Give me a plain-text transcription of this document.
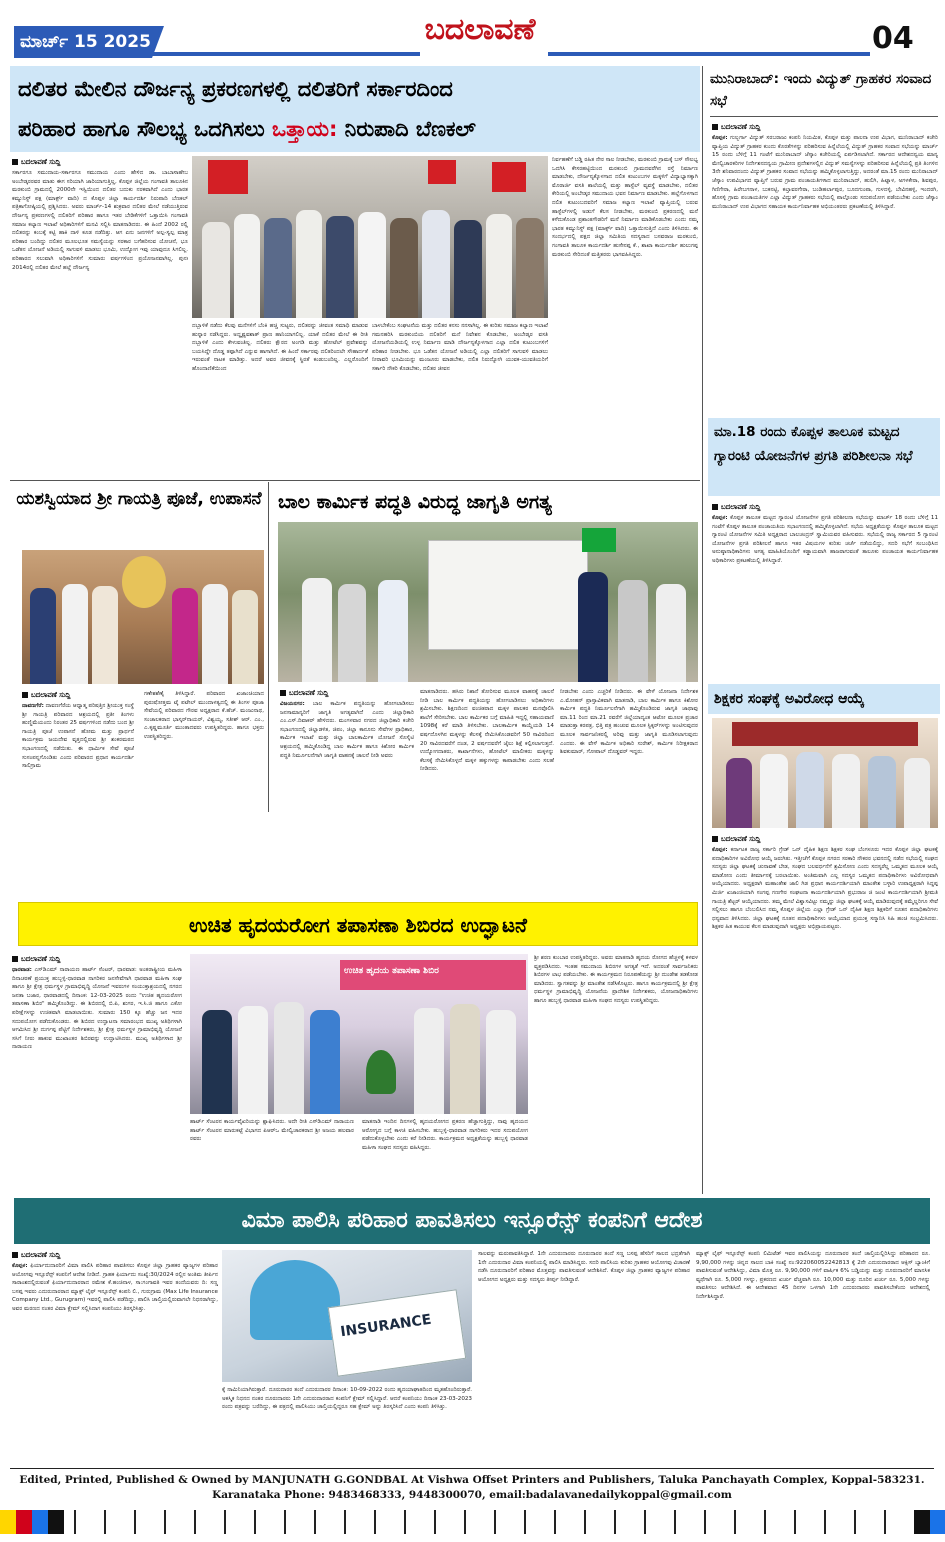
ಮಾರ್ಚ್ 15 2025	ಬದಲಾವಣೆ	04
ದಲಿತರ ಮೇಲಿನ ದೌರ್ಜನ್ಯ ಪ್ರಕರಣಗಳಲ್ಲಿ ದಲಿತರಿಗೆ ಸರ್ಕಾರದಿಂದ
ಪರಿಹಾರ ಹಾಗೂ ಸೌಲಭ್ಯ ಒದಗಿಸಲು ಒತ್ತಾಯ: ನಿರುಪಾದಿ ಬೆಣಕಲ್
ಬದಲಾವಣೆ ಸುದ್ದಿ
ಸರ್ಕಾರಗೂ ಸಮುದಾಯ-ಸರ್ಕಾರಗೂ ಸಮುದಾಯ ಎಂದು ಹೇಳಿದ ಡಾ. ಬಾಬಾಸಾಹೇಬ ಅಂಬೇಡ್ಕರರವರ ಮಾತು ಈಗ ಸರಿಯಾಗಿ ಜಾರಿಯಾಗುತ್ತಿಲ್ಲ, ಕೊಪ್ಪಳ ಜಿಲ್ಲೆಯ ಗಂಗಾವತಿ ತಾಲೂಕಿನ ಮರಕುಂಬಿ ಗ್ರಾಮದಲ್ಲಿ 2000ನೇ ಇಸ್ವಿಯಿಂದ ದಲಿತರ ಬದುಕು ನರಕವಾಗಿದೆ ಎಂದು ಭಾರತ ಕಮ್ಯುನಿಸ್ಟ್ ಪಕ್ಷ (ಮಾರ್ಕ್ಸ್ ವಾದಿ) ದ ಕೊಪ್ಪಳ ಜಿಲ್ಲಾ ಕಾರ್ಯದರ್ಶಿ ನಿರುಪಾದಿ ಬೆಣಕಲ್ ಪತ್ರಿಕಾಗೋಷ್ಠಿಯಲ್ಲಿ ಪ್ರಶ್ನಿಸಿದರು. ಅವರು ಮಾರ್ಚ್-14 ಶುಕ್ರವಾರ ದಲಿತರ ಮೇಲೆ ನಡೆಯುತ್ತಿರುವ ದೌರ್ಜನ್ಯ ಪ್ರಕರಣಗಳಲ್ಲಿ ದಲಿತರಿಗೆ ಪರಿಹಾರ ಹಾಗೂ ಇತರ ಬೇಡಿಕೆಗಳಿಗೆ ಒತ್ತಾಯಿಸಿ ಗಂಗಾವತಿ ಸಮಾಜ ಕಲ್ಯಾಣ ಇಲಾಖೆ ಅಧಿಕಾರಿಗಳಿಗೆ ಮನವಿ ಸಲ್ಲಿಸಿ ಮಾತನಾಡಿದರು. ಈ ಹಿಂದೆ 2002 ರಲ್ಲಿ ದಲಿತರನ್ನು ಕಂಬಕ್ಕೆ ಕಟ್ಟಿ ಹಾಕಿ ದಾಳಿ ಕೂಡ ನಡೆದಿತ್ತು. ಆಗ ಏನು ಜನಗಳಿಗೆ ಅಲ್ಪ-ಸ್ವಲ್ಪ ಮಾತ್ರ ಪರಿಹಾರ ಬಂದಿದ್ದು ದಲಿತರ ಮೂಲಭೂತ ಸಮಸ್ಯೆಯನ್ನು ಸರಕಾರ ಬಗೆಹರಿಸುವ ಯೋಚನೆ, ಭೂ ಒಡೆತನ ಯೋಜನೆ ಅಡಿಯಲ್ಲಿ ಸಾಗುವಳಿ ಮಾಡಲು ಭೂಮಿ, ಉದ್ಯೋಗ ಇವು ಯಾವುದೂ ಸಿಗಲಿಲ್ಲ. ಪರಿಹಾರದ ಸಲುವಾಗಿ ಅಧಿಕಾರಿಗಳಿಗೆ ಸುಮಾರು ವರ್ಷಗಳಿಂದ ಪ್ರಯೋಜನವಾಗಿಲ್ಲ. ಪುನಃ 2014ರಲ್ಲಿ ದಲಿತರ ಮೇಲೆ ಹಲ್ಲೆ ದೌರ್ಜನ್ಯ
ದಬ್ಬಾಳಿಕೆ ನಡೆದು ಕೆಲವು ಮನೆಗಳಿಗೆ ಬೆಂಕಿ ಹಚ್ಚಿ ಸುಟ್ಟರು, ದಲಿತರನ್ನು ಜೀವಂತ ಸಮಾಧಿ ಮಾಡುವ ಹುನ್ನಾರ ನಡೆಸಿದ್ದರು. ಅದ್ದೃಷ್ಟವಶಾತ್ ಪ್ರಾಣ ಹಾನಿಯಾಗಲಿಲ್ಲ. ಯಾಕೆ ದಲಿತರ ಮೇಲೆ ಈ ರೀತಿ ದಬ್ಬಾಳಿಕೆ ಎಂದು ಕೇಳುವಂತಿಲ್ಲ. ದಲಿತರು ಕ್ಷೌರದ ಅಂಗಡಿ ಮತ್ತು ಹೋಟೆಲ್ ಪ್ರವೇಶವನ್ನು ಬಯಸಿದ್ದೇ ದೊಡ್ಡ ತಪ್ಪಾಗಿದೆ ಎನ್ನುವ ಹಾಗಾಗಿದೆ. ಈ ಹಿಂದೆ ಸರ್ಕಾರವು ದಲಿತರಿಂದಲೇ ಸೌಹಾರ್ದತೆ ಇರುವಂತೆ ನಾಟಕ ಮಾಡಿತ್ತು. ಅದರೆ ಅವರ ಜೀವನಕ್ಕೆ ಸ್ಥಿರತೆ ಕಂಡುಬಂದಿಲ್ಲ. ಎಲ್ಲರೊಂದಿಗೆ ಹೊಂದಾಣಿಕೆಯಿಂದ
ಬಾಳಬೇಕೆಂಬ ಸಂಘಟನೆಯ ಮತ್ತು ದಲಿತರ ಕನಸು ನನಸಾಗಿಲ್ಲ. ಈ ಕುರಿತು ಸಮಾಜ ಕಲ್ಯಾಣ ಇಲಾಖೆ ಗಮನಹರಿಸಿ ಮರಕುಂಬಿಯ ದಲಿತರಿಗೆ ಮನೆ ನಿವೇಶನ ಕೊಡಬೇಕು, ಅಂಬೇಡ್ಕರ ವಸತಿ ಯೋಜನೆಯಡಿಯಲ್ಲಿ ಉಳ್ಳ ನಿರ್ಮಾಣ ಮಾಡಿ ದೌರ್ಜನ್ಯಕ್ಕೊಳಗಾದ ಎಲ್ಲಾ ದಲಿತ ಕುಟುಂಬಗಳಿಗೆ ಪರಿಹಾರ ನೀಡಬೇಕು. ಭೂ ಒಡೆತನ ಯೋಜನೆ ಅಡಿಯಲ್ಲಿ ಎಲ್ಲಾ ದಲಿತರಿಗೆ ಸಾಗುವಳಿ ಮಾಡಲು ನೀರಾವರಿ ಭೂಮಿಯನ್ನು ಮಂಜೂರು ಮಾಡಬೇಕು, ದಲಿತ ನಿರುದ್ಯೋಗಿ ಯುವಕ-ಯುವತಿಯರಿಗೆ ಸರ್ಕಾರಿ ನೌಕರಿ ಕೊಡಬೇಕು, ದಲಿತರ ಜೀವನ
ನಿರ್ವಹಣೆಗೆ ಬಡ್ಡಿ ರಹಿತ ನೇರ ಸಾಲ ನೀಡಬೇಕು, ಮರಕುಂಬಿ ಗ್ರಾಮಕ್ಕೆ ಬಸ್ ಸೌಲಭ್ಯ ಒದಗಿಸಿ ಕೇಸರಹಟ್ಟಿಯಿಂದ ಮರಕುಂಬಿ ಗ್ರಾಮದವರೆಗಿನ ರಸ್ತೆ ನಿರ್ಮಾಣ ಮಾಡಬೇಕು, ದೌರ್ಜನ್ಯಕ್ಕೊಳಗಾದ ದಲಿತ ಕುಟುಂಬಗಳ ಮಕ್ಕಳಿಗೆ ವಿದ್ಯಾಭ್ಯಾಸಕ್ಕಾಗಿ ಮೊರಾರ್ಜಿ ವಸತಿ ಶಾಲೆಯಲ್ಲಿ ಮತ್ತು ಹಾಸ್ಟೆಲ್ ವ್ಯವಸ್ಥೆ ಮಾಡಬೇಕು, ದಲಿತರ ಕೇರಿಯಲ್ಲಿ ಅಂಬೇಡ್ಕರ ಸಮುದಾಯ ಭವನ ನಿರ್ಮಾಣ ಮಾಡಬೇಕು. ಹಲ್ಲೆಗೊಳಗಾದ ದಲಿತ ಕುಟುಂಬದವರಿಗೆ ಸಮಾಜ ಕಲ್ಯಾಣ ಇಲಾಖೆ ವ್ಯಾಪ್ತಿಯಲ್ಲಿ ಬರುವ ಹಾಸ್ಟೆಲ್‌ಗಳಲ್ಲಿ ಅಡುಗೆ ಕೆಲಸ ನೀಡಬೇಕು, ಮರಕುಂಬಿ ಪ್ರಕರಣದಲ್ಲಿ ಮನೆ ಕಳೆದುಕೊಂಡ ಪ್ರಶಾಂತಗೌಡರಿಗೆ ಮನೆ ನಿರ್ಮಾಣ ಮಾಡಿಕೊಡಬೇಕು ಎಂದು ನಮ್ಮ ಭಾರತ ಕಮ್ಯುನಿಸ್ಟ್ ಪಕ್ಷ (ಮಾರ್ಕ್ಸ್ ವಾದಿ) ಒತ್ತಾಯಿಸುತ್ತಿದೆ ಎಂದು ತಿಳಿಸಿದರು. ಈ ಸಂದರ್ಭದಲ್ಲಿ ಪಕ್ಷದ ಜಿಲ್ಲಾ ಸಮಿತಿಯ ಸದಸ್ಯರಾದ ಬಸವರಾಜ ಮರಕುಂಬಿ, ಗಂಗಾವತಿ ತಾಲೂಕ ಕಾರ್ಯದರ್ಶಿ ಹುಸೇನಪ್ಪ ಕೆ., ಶಾಖಾ ಕಾರ್ಯದರ್ಶಿ ಹುಲುಗಪ್ಪ ಮರಕುಂಬಿ ಸೇರಿದಂತೆ ಮತ್ತಿತರರು ಭಾಗವಹಿಸಿದ್ದರು.
ಮುನಿರಾಬಾದ್: ಇಂದು ವಿದ್ಯುತ್ ಗ್ರಾಹಕರ ಸಂವಾದ ಸಭೆ
ಬದಲಾವಣೆ ಸುದ್ದಿ
ಕೊಪ್ಪಳ: ಗುಲ್ಬರ್ಗಾ ವಿದ್ಯುತ್ ಸರಬರಾಜು ಕಂಪನಿ ನಿಯಮಿತ, ಕೊಪ್ಪಳ ಮತ್ತು ಪಾಲನಾ ಉಪ ವಿಭಾಗ, ಮುನಿರಾಬಾದ್ ಕಚೇರಿ ವ್ಯಾಪ್ತಿಯ ವಿದ್ಯುತ್ ಗ್ರಾಹಕರ ಕುಂದು ಕೊರತೆಗಳನ್ನು ಪರಿಹರಿಸುವ ಹಿನ್ನೆಲೆಯಲ್ಲಿ ವಿದ್ಯುತ್ ಗ್ರಾಹಕರ ಸಂವಾದ ಸಭೆಯನ್ನು ಮಾರ್ಚ್ 15 ರಂದು ಬೆಳಿಗ್ಗೆ 11 ಗಂಟೆಗೆ ಮುನಿರಾಬಾದ್ ಜೆಸ್ಕಾಂ ಕಚೇರಿಯಲ್ಲಿ ಏರ್ಪಡಿಸಲಾಗಿದೆ. ಸರ್ಕಾರದ ಆದೇಶದನ್ವಯ ಮಾನ್ಯ ಮೇಲ್ವಿಚಾರಕರಿಗಳ ನಿರ್ದೇಶನದನ್ವಯ ಗ್ರಾಮೀಣ ಪ್ರದೇಶಗಳಲ್ಲಿನ ವಿದ್ಯುತ್ ಸಮಸ್ಯೆಗಳನ್ನು ಪರಿಹರಿಸುವ ಹಿನ್ನೆಲೆಯಲ್ಲಿ ಪ್ರತಿ ತಿಂಗಳಿನ 3ನೇ ಶನಿವಾರದಂದು ವಿದ್ಯುತ್ ಗ್ರಾಹಕರ ಸಂವಾದ ಸಭೆಯನ್ನು ಹಮ್ಮಿಕೊಳ್ಳಲಾಗುತ್ತಿದ್ದು, ಅದರಂತೆ ಮಾ.15 ರಂದು ಮುನಿರಾಬಾದ್ ಜೆಸ್ಕಾಂ ಉಪವಿಭಾಗದ ವ್ಯಾಪ್ತಿಗೆ ಬರುವ ಗ್ರಾಮ ಪಂಚಾಯತಿಗಳಾದ ಮುನಿರಾಬಾದ್, ಹುಲಿಗಿ, ಹಿಟ್ನಾಳ, ಅಗಳಕೇರಾ, ಶಿವಪುರ, ಗಿಣಿಗೇರಾ, ಹಿರೇಬಗನಾಳ, ಬುಕನಟ್ಟಿ, ಕಲ್ತಾವರಗೇರಾ, ಬಂಡಿಹರ್ಲಾಪುರ, ಬೂದಗುಂಪಾ, ಗುಳದಳ್ಳಿ, ಬೇವಿನಹಳ್ಳಿ, ಇಂದರಗಿ, ಹೊಸಳ್ಳಿ ಗ್ರಾಮ ಪಂಚಾಯತಿಗಳ ಎಲ್ಲಾ ವಿದ್ಯುತ್ ಗ್ರಾಹಕರು ಸಭೆಯಲ್ಲಿ ಪಾಲ್ಗೊಂಡು ಸದುಪಯೋಗ ಪಡೆಯಬೇಕು ಎಂದು ಜೆಸ್ಕಾಂ ಮುನಿರಾಬಾದ್ ಉಪ ವಿಭಾಗದ ಸಹಾಯಕ ಕಾರ್ಯನಿರ್ವಾಹಕ ಅಭಿಯಂತರರು ಪ್ರಕಟಣೆಯಲ್ಲಿ ತಿಳಿಸಿದ್ದಾರೆ.
ಮಾ.18 ರಂದು ಕೊಪ್ಪಳ ತಾಲೂಕ ಮಟ್ಟದ ಗ್ಯಾರಂಟಿ ಯೋಜನೆಗಳ ಪ್ರಗತಿ ಪರಿಶೀಲನಾ ಸಭೆ
ಬದಲಾವಣೆ ಸುದ್ದಿ
ಕೊಪ್ಪಳ: ಕೊಪ್ಪಳ ತಾಲೂಕ ಮಟ್ಟದ ಗ್ಯಾರಂಟಿ ಯೋಜನೆಗಳ ಪ್ರಗತಿ ಪರಿಶೀಲನಾ ಸಭೆಯನ್ನು ಮಾರ್ಚ್ 18 ರಂದು ಬೆಳಿಗ್ಗೆ 11 ಗಂಟೆಗೆ ಕೊಪ್ಪಳ ತಾಲೂಕ ಪಂಚಾಯತಿಯ ಸಭಾಂಗಣದಲ್ಲಿ ಹಮ್ಮಿಕೊಳ್ಳಲಾಗಿದೆ. ಸಭೆಯ ಅಧ್ಯಕ್ಷತೆಯನ್ನು ಕೊಪ್ಪಳ ತಾಲೂಕ ಮಟ್ಟದ ಗ್ಯಾರಂಟಿ ಯೋಜನೆಗಳ ಸಮಿತಿ ಅಧ್ಯಕ್ಷರಾದ ಬಾಲಚಂದ್ರನ್ ಸ್ವಾಮಿಯವರ ವಹಿಸುವರು. ಸಭೆಯಲ್ಲಿ ರಾಜ್ಯ ಸರ್ಕಾರದ 5 ಗ್ಯಾರಂಟಿ ಯೋಜನೆಗಳ ಪ್ರಗತಿ ಪರಿಶೀಲನೆ ಹಾಗೂ ಇತರ ವಿಷಯಗಳ ಕುರಿತು ಚರ್ಚೆ ನಡೆಯಲಿದ್ದು, ಸದರಿ ಸಭೆಗೆ ಸಂಬಂಧಿಸಿದ ಅನುಷ್ಠಾನಾಧಿಕಾರಿಗಳು ಅಗತ್ಯ ಮಾಹಿತಿಯೊಂದಿಗೆ ಕಡ್ಡಾಯವಾಗಿ ಹಾಜರಾಗುವಂತೆ ತಾಲೂಕು ಪಂಚಾಯತ ಕಾರ್ಯನಿರ್ವಾಹಕ ಅಧಿಕಾರಿಗಳು ಪ್ರಕಟಣೆಯಲ್ಲಿ ತಿಳಿಸಿದ್ದಾರೆ.
ಶಿಕ್ಷಕರ ಸಂಘಕ್ಕೆ ಅವಿರೋಧ ಆಯ್ಕೆ
ಬದಲಾವಣೆ ಸುದ್ದಿ
ಕೊಪ್ಪಳ: ಕರ್ನಾಟಕ ರಾಜ್ಯ ಸರ್ಕಾರಿ ಗ್ರೇಡ್ ಒನ್ ದೈಹಿಕ ಶಿಕ್ಷಣ ಶಿಕ್ಷಕರ ಸಂಘ ಬೆಂಗಳೂರು ಇದರ ಕೊಪ್ಪಳ ಜಿಲ್ಲಾ ಘಟಕಕ್ಕೆ ಪದಾಧಿಕಾರಿಗಳ ಅವಿರೋಧ ಆಯ್ಕೆ ಜರುಗಿತು. ಇತ್ತೀಚೆಗೆ ಕೊಪ್ಪಳ ನಗರದ ಸರಕಾರಿ ನೌಕರರ ಭವನದಲ್ಲಿ ನಡೆದ ಸಭೆಯಲ್ಲಿ ಸಂಘದ ಸದಸ್ಯರು ಜಿಲ್ಲಾ ಘಟಕಕ್ಕೆ ಚುನಾವಣೆ ಬೇಡ, ಸಂಘದ ಬಲವರ್ಧನೆಗೆ ಶ್ರಮಿಸೋಣ ಎಂದು ಸದಸ್ಯರೆಲ್ಲ ಒಮ್ಮತದ ಮೂಲಕ ಆಯ್ಕೆ ಮಾಡೋಣ ಎಂದು ತೀರ್ಮಾನಕ್ಕೆ ಬರಲಾಯಿತು. ಅಂತಿಮವಾಗಿ ಎಲ್ಲ ಸದಸ್ಯರ ಒಮ್ಮತದ ಪದಾಧಿಕಾರಿಗಳು ಅವಿರೋಧವಾಗಿ ಆಯ್ಕೆಯಾದರು. ಅಧ್ಯಕ್ಷರಾಗಿ ಮಹಾಂತೇಶ ಜಾಲಿ ಗಿಡ ಪ್ರಧಾನ ಕಾರ್ಯದರ್ಶಿಯಾಗಿ ಮಾಂತೇಶ ಬಳ್ಳಾರಿ ಉಪಾಧ್ಯಕ್ಷರಾಗಿ ಸಿದ್ದಪ್ಪ ಮಿರ್ಜಿ ಖಜಾಂಚಿಯಾಗಿ ಸಂಗಪ್ಪ ಗಣಗೇರ ಸಂಘಟನಾ ಕಾರ್ಯದರ್ಶಿಯಾಗಿ ಪ್ರಭುರಾಜ ಜಿ ಜಂಟಿ ಕಾರ್ಯದರ್ಶಿಯಾಗಿ ಶ್ರೀಮತಿ ಗಾಯತ್ರಿ ಶೆಟ್ಟರ್ ಆಯ್ಕೆಯಾದರು. ತಮ್ಮ ಮೇಲೆ ವಿಶ್ವಾಸವಿಟ್ಟು ನಮ್ಮನ್ನು ಜಿಲ್ಲಾ ಘಟಕಕ್ಕೆ ಆಯ್ಕೆ ಮಾಡಿರುವುದಕ್ಕೆ ತಮ್ಮೆಲ್ಲರಿಗೂ ಸೇವೆ ಸಲ್ಲಿಸಲು ಹಾಗೂ ಬೆಂಬಲಿಸಿದ ನಮ್ಮ ಕೊಪ್ಪಳ ಜಿಲ್ಲೆಯ ಎಲ್ಲಾ ಗ್ರೇಡ್ ಒನ್ ದೈಹಿಕ ಶಿಕ್ಷಣ ಶಿಕ್ಷಕರಿಗೆ ನೂತನ ಪದಾಧಿಕಾರಿಗಳು ಧನ್ಯವಾದ ತಿಳಿಸಿದರು. ಜಿಲ್ಲಾ ಘಟಕಕ್ಕೆ ನೂತನ ಪದಾಧಿಕಾರಿಗಳು ಆಯ್ಕೆಯಾದ ಪ್ರಯುಕ್ತ ಸನ್ಮಾನಿಸಿ ಸಿಹಿ ಹಂಚಿ ಸಂಭ್ರಮಿಸಿದರು. ಶಿಕ್ಷಕರ ಹಿತ ಕಾಯುವ ಕೆಲಸ ಮಾಡುವುದಾಗಿ ಅಧ್ಯಕ್ಷರು ಅಭಿಪ್ರಾಯಪಟ್ಟರು.
ಯಶಸ್ವಿಯಾದ ಶ್ರೀ ಗಾಯತ್ರಿ ಪೂಜೆ, ಉಪಾಸನೆ
ಬದಲಾವಣೆ ಸುದ್ದಿ
ದಾವಣಗೆರೆ: ದಾವಣಗೆರೆಯ ಆಧ್ಯಾತ್ಮ ಪರಿಷತ್ತಿನ ಶ್ರೀಯುಕ್ತ ಸಂಸ್ಥೆ ಶ್ರೀ ಗಾಯತ್ರಿ ಪರಿವಾರದ ಆಶ್ರಯದಲ್ಲಿ ಪ್ರತೀ ತಿಂಗಳು ಹುಣ್ಣಿಮೆಯಂದು ನಿರಂತರ 25 ವರ್ಷಗಳಿಂದ ನಡೆದು ಬಂದ ಶ್ರೀ ಗಾಯತ್ರಿ ಪೂಜೆ ಉಪಾಸನೆ ಹೋಮ ಮತ್ತು ಪ್ರಾರ್ಥನೆ ಕಾರ್ಯಕ್ರಮ ಜಯದೇವ ವೃತ್ತದಲ್ಲಿರುವ ಶ್ರೀ ಶಂಕರಮಠದ ಸಭಾಂಗಣದಲ್ಲಿ ನಡೆಯಿತು. ಈ ಧಾರ್ಮಿಕ ಸೇವೆ ಪೂಜೆ ಸುಸಂಪನ್ನಗೊಂಡಿತು ಎಂದು ಪರಿವಾರದ ಪ್ರಧಾನ ಕಾರ್ಯದರ್ಶಿ ಸಾಲಿಗ್ರಾಮ
ಗಣೇಶಶೆಣೈ ತಿಳಿಸಿದ್ದಾರೆ. ಪರಿವಾರದ ಖಜಾಂಚಿಯಾದ ಪುರುಷೋತ್ತಮ ಟೈ ಪಟೇಲ್ ಮುಂದಾಳತ್ವದಲ್ಲಿ ಈ ತಿಂಗಳ ಪೂಜಾ ಸೇವೆಯಲ್ಲಿ ಪರಿವಾರದ ಗೌರವ ಅಧ್ಯಕ್ಷರಾದ ಕೆ.ಹೆಚ್. ಮಂಜುನಾಥ, ಸಂಚಾಲಕರಾದ ಭಾಸ್ಕರ್‌ನಾಯರ್, ವಿಶ್ವಯ್ಯ, ಸತೀಶ್ ಆರ್. ಎಂ., ಎ.ಕೃಷ್ಣಮೂರ್ತಿ ಮುಂತಾದವರು ಉಪಸ್ಥಿತರಿದ್ದರು. ಹಾಗೂ ಭಕ್ತರು ಉಪಸ್ಥಿತರಿದ್ದರು.
ಬಾಲ ಕಾರ್ಮಿಕ ಪದ್ಧತಿ ವಿರುದ್ಧ ಜಾಗೃತಿ ಅಗತ್ಯ
ಬದಲಾವಣೆ ಸುದ್ದಿ
ವಿಜಯನಗರ: ಬಾಲ ಕಾರ್ಮಿಕ ಪದ್ಧತಿಯನ್ನು ಹೋಗಲಾಡಿಸಲು ಜನಸಾಮಾನ್ಯರಿಗೆ ಜಾಗೃತಿ ಅಗತ್ಯವಾಗಿದೆ ಎಂದು ಜಿಲ್ಲಾಧಿಕಾರಿ ಎಂ.ಎಸ್.ದಿವಾಕರ್ ಹೇಳಿದರು. ಮಂಗಳವಾರ ನಗರದ ಜಿಲ್ಲಾಧಿಕಾರಿ ಕಚೇರಿ ಸಭಾಂಗಣದಲ್ಲಿ ಜಿಲ್ಲಾಡಳಿತ, ಜಿಪಂ, ಜಿಲ್ಲಾ ಕಾನೂನು ಸೇವೆಗಳ ಪ್ರಾಧಿಕಾರ, ಕಾರ್ಮಿಕ ಇಲಾಖೆ ಮತ್ತು ಜಿಲ್ಲಾ ಬಾಲಕಾರ್ಮಿಕ ಯೋಜನೆ ಸೊಸೈಟಿ ಆಶ್ರಯದಲ್ಲಿ ಹಮ್ಮಿಕೊಂಡಿದ್ದ ಬಾಲ ಕಾರ್ಮಿಕ ಹಾಗೂ ಕಿಶೋರ ಕಾರ್ಮಿಕ ಪದ್ಧತಿ ನಿರ್ಮೂಲನೆಗಾಗಿ ಜಾಗೃತಿ ವಾಹನಕ್ಕೆ ಚಾಲನೆ ನೀಡಿ ಅವರು
ಮಾತನಾಡಿದರು. ಹಸಿರು ನಿಶಾನೆ ತೋರಿಸುವ ಮೂಲಕ ವಾಹನಕ್ಕೆ ಚಾಲನೆ ನೀಡಿ ಬಾಲ ಕಾರ್ಮಿಕ ಪದ್ಧತಿಯನ್ನು ಹೋಗಲಾಡಿಸಲು ಅಧಿಕಾರಿಗಳು ಶ್ರಮಿಸಬೇಕು. ಶಿಕ್ಷಣದಿಂದ ವಂಚಿತರಾದ ಮಕ್ಕಳ ಪಾಲಕರ ಮನವೊಲಿಸಿ ಶಾಲೆಗೆ ಸೇರಿಸಬೇಕು. ಬಾಲ ಕಾರ್ಮಿಕರ ಬಗ್ಗೆ ಮಾಹಿತಿ ಇದ್ದಲ್ಲಿ ಸಹಾಯವಾಣಿ 1098ಕ್ಕೆ ಕರೆ ಮಾಡಿ ತಿಳಿಸಬೇಕು. ಬಾಲಕಾರ್ಮಿಕ ಕಾಯ್ದೆಯಡಿ 14 ವರ್ಷದೊಳಗಿನ ಮಕ್ಕಳನ್ನು ಕೆಲಸಕ್ಕೆ ನೇಮಿಸಿಕೊಂಡವರಿಗೆ 50 ಸಾವಿರದಿಂದ 20 ಸಾವಿರದವರೆಗೆ ದಂಡ, 2 ವರ್ಷದವರೆಗೆ ಜೈಲು ಶಿಕ್ಷೆ ಕಲ್ಪಿಸಲಾಗುತ್ತದೆ. ಉದ್ಯೋಗದಾತರು, ಕಾರ್ಖಾನೆಗಳು, ಹೋಟೆಲ್ ಮಾಲೀಕರು ಮಕ್ಕಳನ್ನು ಕೆಲಸಕ್ಕೆ ನೇಮಿಸಿಕೊಳ್ಳದೆ ಮಕ್ಕಳ ಹಕ್ಕುಗಳನ್ನು ಕಾಪಾಡಬೇಕು ಎಂದು ಸಲಹೆ ನೀಡಿದರು.
ನೀಡಬೇಕು ಎಂದು ಎಚ್ಚರಿಕೆ ನೀಡಿದರು. ಈ ವೇಳೆ ಯೋಜನಾ ನಿರ್ದೇಶಕ ಎ.ಮೋಹನ್ ಪ್ರಾಸ್ತಾವಿಕವಾಗಿ ಮಾತನಾಡಿ, ಬಾಲ ಕಾರ್ಮಿಕ ಹಾಗೂ ಕಿಶೋರ ಕಾರ್ಮಿಕ ಪದ್ಧತಿ ನಿರ್ಮೂಲನೆಗಾಗಿ ಹಮ್ಮಿಕೊಂಡಿರುವ ಜಾಗೃತಿ ಜಾಥಾವು ಮಾ.11 ರಿಂದ ಮಾ.21 ರವರೆಗೆ ಜಿಲ್ಲೆಯಾದ್ಯಂತ ಆಟೋ ಮೂಲಕ ಪ್ರಚಾರ ಮಾಡುತ್ತಾ ಕರಪತ್ರ, ಭಿತ್ತಿ ಪತ್ರ ಹಂಚುವ ಮೂಲಕ ಸ್ಟಿಕ್ಕರ್‌ಗಳನ್ನು ಅಂಟಿಸುವುದರ ಮೂಲಕ ಸಾರ್ವಜನಿಕರಲ್ಲಿ ಅರಿವು ಮತ್ತು ಜಾಗೃತಿ ಮೂಡಿಸಲಾಗುವುದು ಎಂದರು. ಈ ವೇಳೆ ಕಾರ್ಮಿಕ ಅಧಿಕಾರಿ ಸುರೇಶ್, ಕಾರ್ಮಿಕ ನಿರೀಕ್ಷಕರಾದ ಶಿವಕುಮಾರ್, ಗೋಪಾಲ್ ದೊಡ್ಡವರ್ ಇದ್ದರು.
ಉಚಿತ ಹೃದಯರೋಗ ತಪಾಸಣಾ ಶಿಬಿರದ ಉದ್ಘಾಟನೆ
ಬದಲಾವಣೆ ಸುದ್ದಿ
ಧಾರವಾಡ: ಎಸ್‌ಡಿಎಮ್ ನಾರಾಯಣ ಹಾರ್ಟ್ ಸೆಂಟರ್, ಧಾರವಾಡ: ಅಂತರಾಷ್ಟ್ರೀಯ ಮಹಿಳಾ ದಿನಾಚರಣೆ ಪ್ರಯುಕ್ತ ಹುಬ್ಬಳ್ಳಿ-ಧಾರವಾಡ ನಾಗರಿಕರ ಜನಸೇವೆಗಾಗಿ ಧಾರವಾಡ ಮಹಿಳಾ ಸಂಘ ಹಾಗೂ ಶ್ರೀ ಕ್ಷೇತ್ರ ಧರ್ಮಸ್ಥಳ ಗ್ರಾಮಾಭಿವೃದ್ಧಿ ಯೋಜನೆ ಇವರುಗಳ ಸಂಯುಕ್ತಾಶ್ರಯದಲ್ಲಿ ನಗರದ ಜನತಾ ಬಜಾರ, ಧಾರವಾಡದಲ್ಲಿ ದಿನಾಂಕ: 12-03-2025 ರಂದು "ಉಚಿತ ಹೃದಯರೋಗ ತಪಾಸಣಾ ಶಿಬಿರ" ಹಮ್ಮಿಕೊಂಡಿದ್ದು. ಈ ಶಿಬಿರದಲ್ಲಿ ಬಿ.ಪಿ, ಶುಗರ, ಇ.ಸಿ.ಜಿ ಹಾಗೂ ಎಕೋ ಪರೀಕ್ಷೆಗಳನ್ನು ಉಚಿತವಾಗಿ ಮಾಡಲಾಯಿತು. ಸುಮಾರು 150 ಕ್ಕೂ ಹೆಚ್ಚು ಜನ ಇದರ ಸದುಪಯೋಗ ಪಡೆದುಕೊಂಡರು. ಈ ಶಿಬಿರದ ಉದ್ಘಾಟನಾ ಸಮಾರಂಭದ ಮುಖ್ಯ ಅತಿಥಿಗಳಾಗಿ ಆಗಮಿಸಿದ ಶ್ರೀ ದುರ್ಗಪ್ಪ ಪೆಟ್ಟಿಗೆ ನಿರ್ದೇಶಕರು, ಶ್ರೀ ಕ್ಷೇತ್ರ ಧರ್ಮಸ್ಥಳ ಗ್ರಾಮಾಭಿವೃದ್ಧಿ ಯೋಜನೆ ಸಸಿಗೆ ನೀರು ಹಾಕುವ ಮುಖಾಂತರ ಶಿಬಿರವನ್ನು ಉದ್ಘಾಟಿಸಿದರು. ಮುಖ್ಯ ಅತಿಥಿಗಳಾದ ಶ್ರೀ ನಾರಾಯಣ
ಉಚಿತ ಹೃದಯ ತಪಾಸಣಾ ಶಿಬಿರ
ಹಾರ್ಟ್ ಸೆಂಟರನ ಕಾರ್ಯವೈಖರಿಯನ್ನು ಶ್ಲಾಘಿಸಿದರು. ಅದೇ ರೀತಿ ಎಸ್‌ಡಿಎಮ್ ನಾರಾಯಣ ಹಾರ್ಟ್ ಸೆಂಟರನ ಮಾರುಕಟ್ಟೆ ವಿಭಾಗದ ಪಿಆರ್‌ಒ ಮೇಲ್ವಿಚಾರಕರಾದ ಶ್ರೀ ಅಜಯ ಹಲವಾರ ರವರು
ಮಾತನಾಡಿ ಇಂದಿನ ದಿನಗಳಲ್ಲಿ ಹೃದಯರೋಗದ ಪ್ರಕರಣ ಹೆಚ್ಚಾಗುತ್ತಿದ್ದು, ನಾವು ಹೃದಯದ ಆರೋಗ್ಯದ ಬಗ್ಗೆ ಕಾಳಜಿ ವಹಿಸಬೇಕು. ಹುಬ್ಬಳ್ಳಿ-ಧಾರವಾಡ ನಾಗರಿಕರು ಇದರ ಸದುಪಯೋಗ ಪಡೆದುಕೊಳ್ಳಬೇಕು ಎಂದು ಕರೆ ನೀಡಿದರು. ಕಾರ್ಯಕ್ರಮದ ಅಧ್ಯಕ್ಷತೆಯನ್ನು ಹುಬ್ಬಳ್ಳಿ ಧಾರವಾಡ ಮಹಿಳಾ ಸಂಘದ ಸದಸ್ಯರು ವಹಿಸಿದ್ದರು.
ಶ್ರೀ ಶರಣ ಕುಂಬಾರ ಉಪಸ್ಥಿತರಿದ್ದರು. ಅವರು ಮಾತನಾಡಿ ಹೃದಯ ರೋಗದ ಹೆಚ್ಚಳಕ್ಕೆ ಕಳವಳ ವ್ಯಕ್ತಪಡಿಸಿದರು. ಇಂತಹ ಸಮುದಾಯ ಶಿಬಿರಗಳ ಅಗತ್ಯತೆ ಇದೆ. ಅದರಂತೆ ಸಾರ್ವಜನಿಕರು ಶಿಬಿರಗಳ ಲಾಭ ಪಡೆಯಬೇಕು. ಈ ಕಾರ್ಯಕ್ರಮದ ನಿರೂಪಣೆಯನ್ನು ಶ್ರೀ ದುಂಡೇಶ ತಡಕೋಡ ಮಾಡಿದರು. ಸ್ವಾಗತವನ್ನು ಶ್ರೀ ಮಾಂತೇಶ ನಡೆಸಿಕೊಟ್ಟರು. ಹಾಗೂ ಕಾರ್ಯಕ್ರಮದಲ್ಲಿ ಶ್ರೀ ಕ್ಷೇತ್ರ ಧರ್ಮಸ್ಥಳ ಗ್ರಾಮಾಭಿವೃದ್ಧಿ ಯೋಜನೆಯ ಪ್ರಾದೇಶಿಕ ನಿರ್ದೇಶಕರು, ಯೋಜನಾಧಿಕಾರಿಗಳು ಹಾಗೂ ಹುಬ್ಬಳ್ಳಿ ಧಾರವಾಡ ಮಹಿಳಾ ಸಂಘದ ಸದಸ್ಯರು ಉಪಸ್ಥಿತರಿದ್ದರು.
ವಿಮಾ ಪಾಲಿಸಿ ಪರಿಹಾರ ಪಾವತಿಸಲು ಇನ್ಸೂರೆನ್ಸ್ ಕಂಪನಿಗೆ ಆದೇಶ
ಬದಲಾವಣೆ ಸುದ್ದಿ
ಕೊಪ್ಪಳ: ಫಿರ್ಯಾದುದಾರರಿಗೆ ವಿಮಾ ಪಾಲಿಸಿ ಪರಿಹಾರ ಪಾವತಿಸಲು ಕೊಪ್ಪಳ ಜಿಲ್ಲಾ ಗ್ರಾಹಕರ ವ್ಯಾಜ್ಯಗಳ ಪರಿಹಾರ ಆಯೋಗವು ಇನ್ಸೂರೆನ್ಸ್ ಕಂಪನಿಗೆ ಆದೇಶ ನೀಡಿದೆ. ಗ್ರಾಹಕ ಫಿರ್ಯಾದು ಸಂಖ್ಯೆ:30/2024 ರಲ್ಲಿನ ಅಂತಿಮ ತೀರ್ಪಿನ ಸಾರಾಂಶದಲ್ಲಿರುವಂತೆ ಫಿರ್ಯಾದುದಾರರಾದ ರಮೇಶ ಕೆ.ಹಂಚಿನಾಳ, ಸಾ:ಗಂಗಾವತಿ ಇವರ ತಂದೆಯವರು ದಿ: ಸಣ್ಣ ಬಸಪ್ಪ ಇವರು ಎದುರುದಾರರಾದ ಮ್ಯಾಕ್ಸ್ ಲೈಫ್ ಇನ್ಸೂರೆನ್ಸ್ ಕಂಪನಿ ಲಿ., ಗುರುಗ್ರಾಮ (Max Life Insurance Company Ltd., Gurugram) ಇವರಲ್ಲಿ ಪಾಲಿಸಿ ಪಡೆದಿದ್ದು, ಪಾಲಿಸಿ ಚಾಲ್ತಿಯಲ್ಲಿರುವಾಗಲೇ ನಿಧನರಾಗಿದ್ದು, ಅವರ ಮರಣದ ನಂತರ ವಿಮಾ ಕ್ಲೇಮ್ ಸಲ್ಲಿಸಿದಾಗ ಕಂಪನಿಯು ತಿರಸ್ಕರಿಸಿತ್ತು.
INSURANCE
ಕ್ಕೆ ನಾಮಿನಿಯಾಗಿರುತ್ತಾರೆ. ದೂರುದಾರರ ತಂದೆ ಎದುರುದಾರರ ದಿನಾಂಕ: 10-09-2022 ರಂದು ಹೃದಯಾಘಾತದಿಂದ ಮೃತಹೊಂದಿರುತ್ತಾರೆ. ಅಕಸ್ಮಿಕ ನಿಧನದ ನಂತರ ದೂರುದಾರರು 1ನೇ ಎದುರುದಾರರಾದ ಕಂಪನಿಗೆ ಕ್ಲೇಮ್ ಸಲ್ಲಿಸಿದ್ದಾರೆ. ಆದರೆ ಕಂಪನಿಯು ದಿನಾಂಕ 23-03-2023 ರಂದು ಪತ್ರವನ್ನು ಬರೆದಿದ್ದು, ಈ ಪತ್ರದಲ್ಲಿ ಪಾಲಿಸಿಯು ಚಾಲ್ತಿಯಲ್ಲಿದ್ದರೂ ಸಹ ಕ್ಲೇಮ್ ಅನ್ನು ತಿರಸ್ಕರಿಸಿದೆ ಎಂದು ಕಂಪನಿ ತಿಳಿಸಿತ್ತು.
ಸಾಲವನ್ನು ಮರುಪಾವತಿಸಿದ್ದಾರೆ. 1ನೇ ಎದುರುದಾರರು ದೂರುದಾರರ ತಂದೆ ಸಣ್ಣ ಬಸಪ್ಪ ಹೆಸರಿಗೆ ಸಾಲದ ಭದ್ರತೆಗಾಗಿ 1ನೇ ಎದುರುದಾರ ವಿಮಾ ಕಂಪನಿಯಲ್ಲಿ ಪಾಲಿಸಿ ಮಾಡಿಸಿದ್ದರು. ಸದರಿ ಪಾಲಿಸಿಯ ಕುರಿತು ಗ್ರಾಹಕರ ಆಯೋಗವು ವಿಚಾರಣೆ ನಡೆಸಿ ದೂರುದಾರರಿಗೆ ಪರಿಹಾರ ಮೊತ್ತವನ್ನು ಪಾವತಿಸುವಂತೆ ಆದೇಶಿಸಿದೆ. ಕೊಪ್ಪಳ ಜಿಲ್ಲಾ ಗ್ರಾಹಕರ ವ್ಯಾಜ್ಯಗಳ ಪರಿಹಾರ ಆಯೋಗದ ಅಧ್ಯಕ್ಷರು ಮತ್ತು ಸದಸ್ಯರು ತೀರ್ಪು ನೀಡಿದ್ದಾರೆ.
ಮ್ಯಾಕ್ಸ್ ಲೈಫ್ ಇನ್ಸೂರೆನ್ಸ್ ಕಂಪನಿ ಲಿಮಿಟೆಡ್ ಇವರ ಪಾಲಿಸಿಯನ್ನು ದೂರುದಾರರ ತಂದೆ ಚಾಲ್ತಿಯಲ್ಲಿರಿಸಿದ್ದು ಪರಿಹಾರದ ರೂ. 9,90,000 ಗಳನ್ನು ಚಿನ್ನದ ಸಾಲದ ಬಾಕಿ ಸಂಖ್ಯೆ ನಂ:922060052242813 ಕ್ಕೆ 2ನೇ ಎದುರುದಾರರಾದ ಆಕ್ಸಿಸ್ ಬ್ಯಾಂಕಿಗೆ ಪಾವತಿಸುವಂತೆ ಆದೇಶಿಸಿದ್ದು, ವಿಮಾ ಮೊತ್ತ ರೂ. 9,90,000 ಗಳಿಗೆ ವಾರ್ಷಿಕ 6% ಬಡ್ಡಿಯನ್ನು ಮತ್ತು ದೂರುದಾರರಿಗೆ ಮಾನಸಿಕ ವ್ಯಥೆಗಾಗಿ ರೂ. 5,000 ಗಳನ್ನು, ಪ್ರಕರಣದ ಖರ್ಚು ವೆಚ್ಚವಾಗಿ ರೂ. 10,000 ಮತ್ತು ದೂರಿನ ಖರ್ಚು ರೂ. 5,000 ಗಳನ್ನು ಪಾವತಿಸಲು ಆದೇಶಿಸಿದೆ. ಈ ಆದೇಶವಾದ 45 ದಿನಗಳ ಒಳಗಾಗಿ 1ನೇ ಎದುರುದಾರರು ಪಾವತಿಸಬೇಕೆಂದು ಆದೇಶದಲ್ಲಿ ನಿರ್ದೇಶಿಸಿದ್ದಾರೆ.
Edited, Printed, Published & Owned by MANJUNATH G.GONDBAL At Vishwa Offset Printers and Publishers, Taluka Panchayath Complex, Koppal-583231.
Karanataka Phone: 9483468333, 9448300070, email:badalavanedailykoppal@gmail.com
